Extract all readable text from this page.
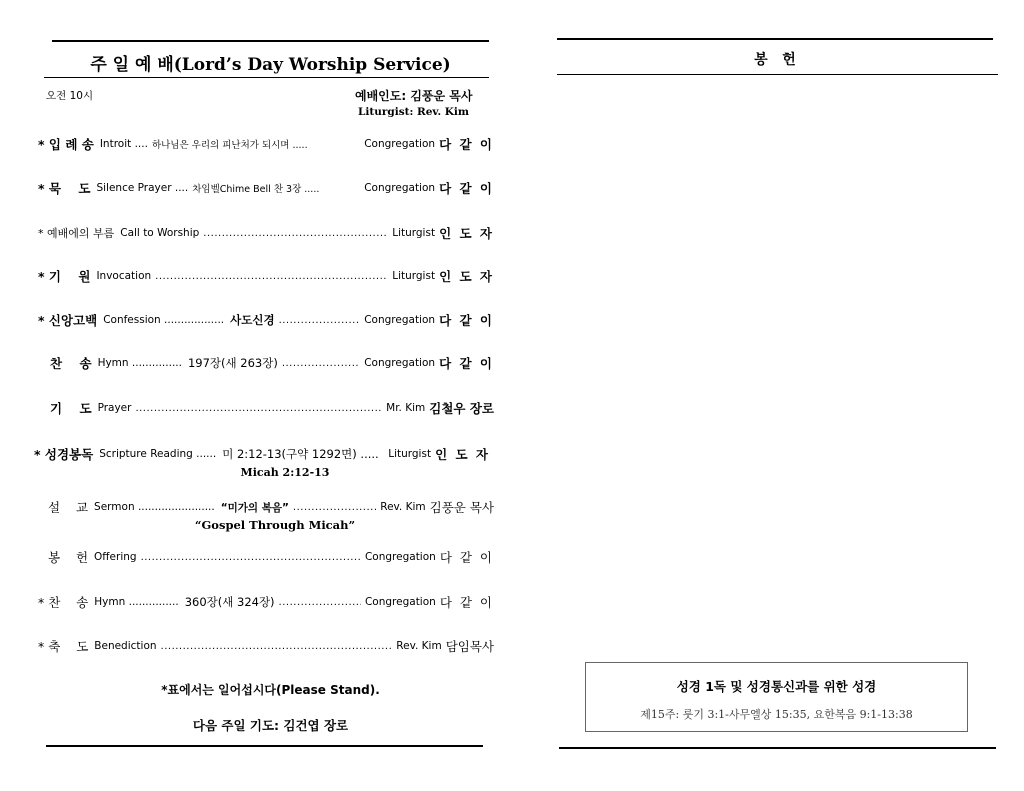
주 일 예 배(Lord’s Day Worship Service)
오전 10시	예배인도: 김풍운 목사
Liturgist: Rev. Kim
* 입 례 송 Introit .... 하나님은 우리의 피난처가 되시며 .....	Congregation 다 같 이
* 묵    도 Silence Prayer .... 차임벨Chime Bell 찬 3장 .....	Congregation 다 같 이
* 예배에의 부름 Call to Worship .....	Liturgist 인 도 자
* 기    원 Invocation .....	Liturgist 인 도 자
* 신앙고백 Confession .................. 사도신경 .....	Congregation 다 같 이
찬    송 Hymn ............... 197장(새 263장) .....	Congregation 다 같 이
기    도 Prayer .....	Mr. Kim 김철우 장로
* 성경봉독 Scripture Reading ...... 미 2:12-13(구약 1292면) ..... Liturgist 인 도 자
Micah 2:12-13
설    교 Sermon ....................... “미가의 복음” .....	Rev. Kim 김풍운 목사
“Gospel Through Micah”
봉    헌 Offering .....	Congregation 다 같 이
* 찬    송 Hymn ............... 360장(새 324장) .....	Congregation 다 같 이
* 축    도 Benediction .....	Rev. Kim 담임목사
*표에서는 일어섭시다(Please Stand).
다음 주일 기도: 김건엽 장로
봉   헌
성경 1독 및 성경통신과를 위한 성경
제15주: 룻기 3:1-사무엘상 15:35, 요한복음 9:1-13:38
